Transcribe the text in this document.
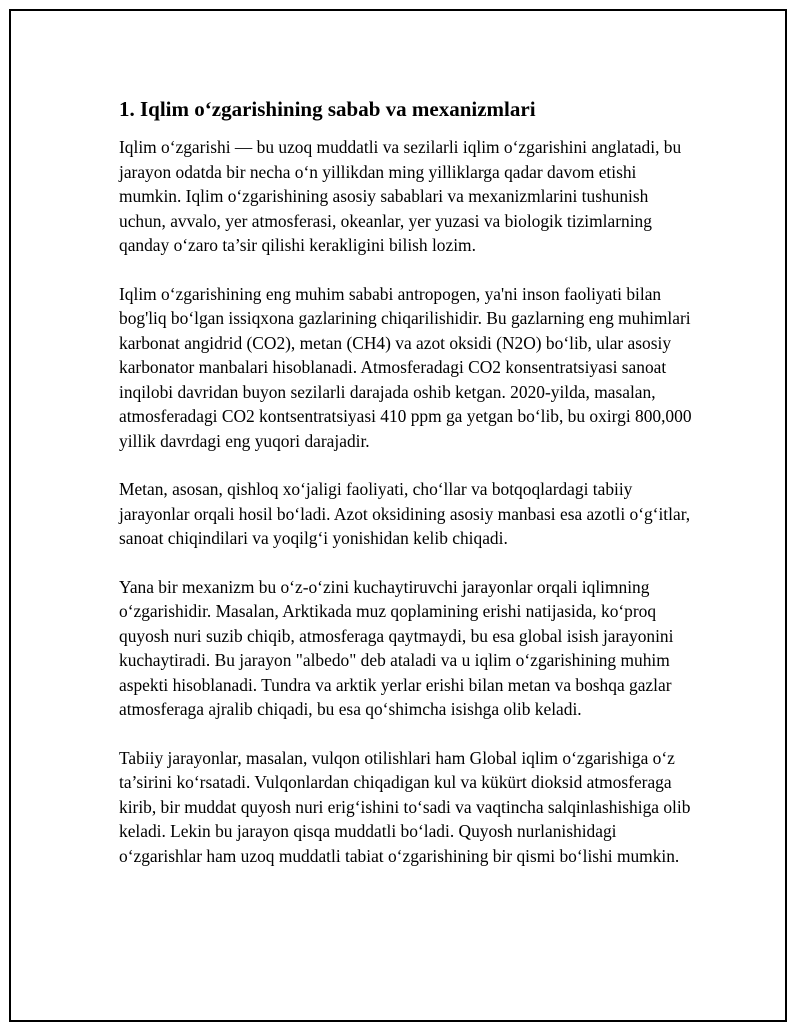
1. Iqlim o‘zgarishining sabab va mexanizmlari

Iqlim o‘zgarishi — bu uzoq muddatli va sezilarli iqlim o‘zgarishini anglatadi, bu jarayon odatda bir necha o‘n yillikdan ming yilliklarga qadar davom etishi mumkin. Iqlim o‘zgarishining asosiy sabablari va mexanizmlarini tushunish uchun, avvalo, yer atmosferasi, okeanlar, yer yuzasi va biologik tizimlarning qanday o‘zaro ta’sir qilishi kerakligini bilish lozim.

Iqlim o‘zgarishining eng muhim sababi antropogen, ya'ni inson faoliyati bilan bog'liq bo‘lgan issiqxona gazlarining chiqarilishidir. Bu gazlarning eng muhimlari karbonat angidrid (CO2), metan (CH4) va azot oksidi (N2O) bo‘lib, ular asosiy karbonator manbalari hisoblanadi. Atmosferadagi CO2 konsentratsiyasi sanoat inqilobi davridan buyon sezilarli darajada oshib ketgan. 2020-yilda, masalan, atmosferadagi CO2 kontsentratsiyasi 410 ppm ga yetgan bo‘lib, bu oxirgi 800,000 yillik davrdagi eng yuqori darajadir.

Metan, asosan, qishloq xo‘jaligi faoliyati, cho‘llar va botqoqlardagi tabiiy jarayonlar orqali hosil bo‘ladi. Azot oksidining asosiy manbasi esa azotli o‘g‘itlar, sanoat chiqindilari va yoqilg‘i yonishidan kelib chiqadi.

Yana bir mexanizm bu o‘z-o‘zini kuchaytiruvchi jarayonlar orqali iqlimning o‘zgarishidir. Masalan, Arktikada muz qoplamining erishi natijasida, ko‘proq quyosh nuri suzib chiqib, atmosferaga qaytmaydi, bu esa global isish jarayonini kuchaytiradi. Bu jarayon "albedo" deb ataladi va u iqlim o‘zgarishining muhim aspekti hisoblanadi. Tundra va arktik yerlar erishi bilan metan va boshqa gazlar atmosferaga ajralib chiqadi, bu esa qo‘shimcha isishga olib keladi.

Tabiiy jarayonlar, masalan, vulqon otilishlari ham Global iqlim o‘zgarishiga o‘z ta’sirini ko‘rsatadi. Vulqonlardan chiqadigan kul va kükürt dioksid atmosferaga kirib, bir muddat quyosh nuri erig‘ishini to‘sadi va vaqtincha salqinlashishiga olib keladi. Lekin bu jarayon qisqa muddatli bo‘ladi. Quyosh nurlanishidagi o‘zgarishlar ham uzoq muddatli tabiat o‘zgarishining bir qismi bo‘lishi mumkin.
